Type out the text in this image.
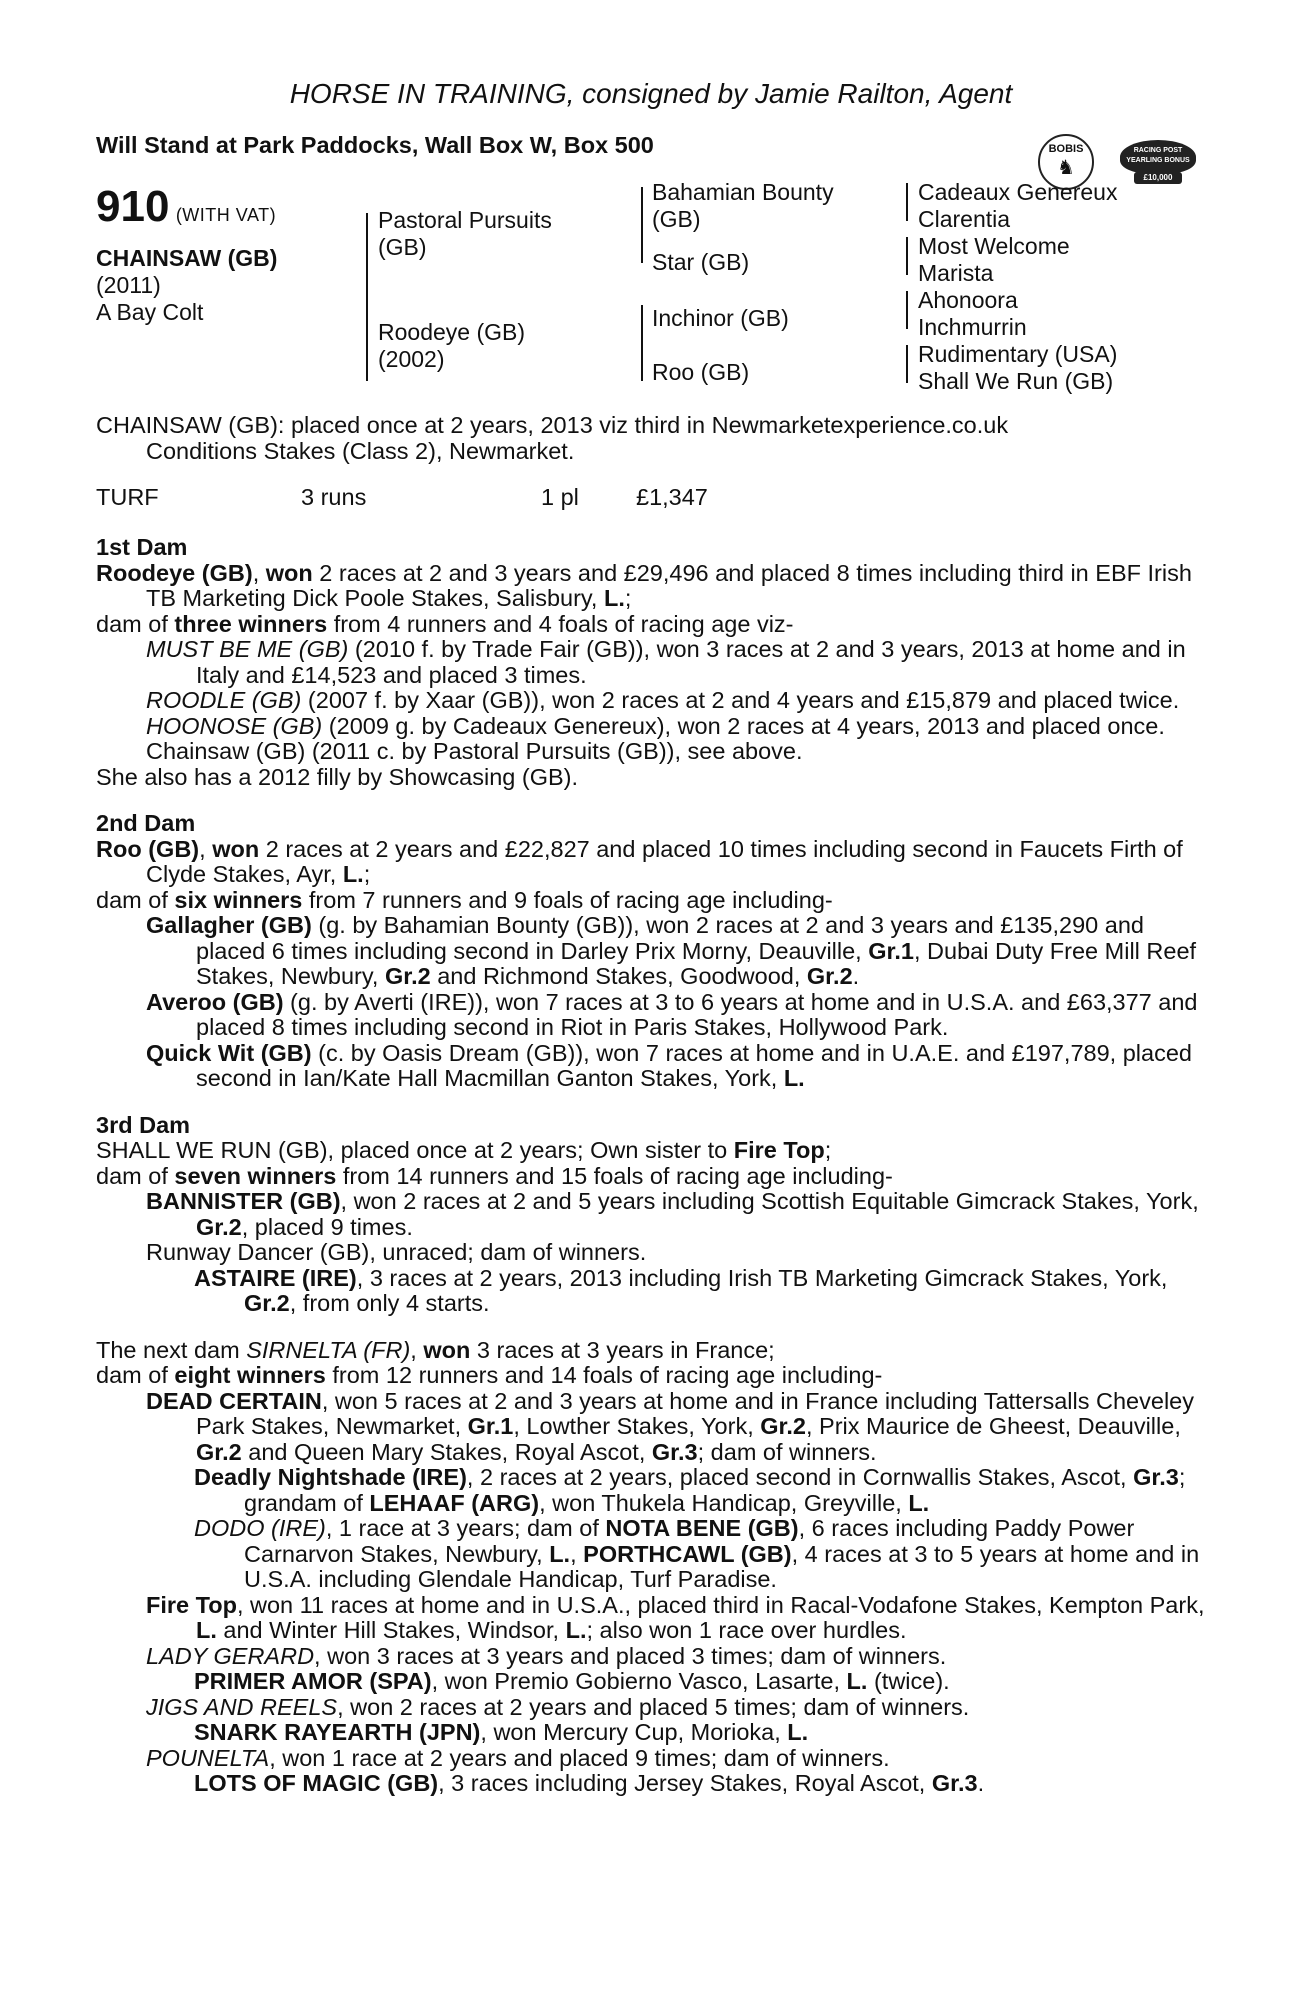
HORSE IN TRAINING, consigned by Jamie Railton, Agent
Will Stand at Park Paddocks, Wall Box W, Box 500	BOBIS
♞
RACING POST YEARLING BONUS
£10,000
910 (WITH VAT)
CHAINSAW (GB)
(2011)
A Bay Colt
Pastoral Pursuits
(GB)
Roodeye (GB)
(2002)
Bahamian Bounty
(GB)
Star (GB)
Inchinor (GB)
Roo (GB)
Cadeaux Genereux
Clarentia
Most Welcome
Marista
Ahonoora
Inchmurrin
Rudimentary (USA)
Shall We Run (GB)
CHAINSAW (GB): placed once at 2 years, 2013 viz third in Newmarketexperience.co.uk
Conditions Stakes (Class 2), Newmarket.
TURF	3 runs	1 pl	£1,347
1st Dam

Roodeye (GB), won 2 races at 2 and 3 years and £29,496 and placed 8 times including third in EBF Irish TB Marketing Dick Poole Stakes, Salisbury, L.;

dam of three winners from 4 runners and 4 foals of racing age viz-

MUST BE ME (GB) (2010 f. by Trade Fair (GB)), won 3 races at 2 and 3 years, 2013 at home and in Italy and £14,523 and placed 3 times.

ROODLE (GB) (2007 f. by Xaar (GB)), won 2 races at 2 and 4 years and £15,879 and placed twice.

HOONOSE (GB) (2009 g. by Cadeaux Genereux), won 2 races at 4 years, 2013 and placed once.

Chainsaw (GB) (2011 c. by Pastoral Pursuits (GB)), see above.

She also has a 2012 filly by Showcasing (GB).

2nd Dam

Roo (GB), won 2 races at 2 years and £22,827 and placed 10 times including second in Faucets Firth of Clyde Stakes, Ayr, L.;

dam of six winners from 7 runners and 9 foals of racing age including-

Gallagher (GB) (g. by Bahamian Bounty (GB)), won 2 races at 2 and 3 years and £135,290 and placed 6 times including second in Darley Prix Morny, Deauville, Gr.1, Dubai Duty Free Mill Reef Stakes, Newbury, Gr.2 and Richmond Stakes, Goodwood, Gr.2.

Averoo (GB) (g. by Averti (IRE)), won 7 races at 3 to 6 years at home and in U.S.A. and £63,377 and placed 8 times including second in Riot in Paris Stakes, Hollywood Park.

Quick Wit (GB) (c. by Oasis Dream (GB)), won 7 races at home and in U.A.E. and £197,789, placed second in Ian/Kate Hall Macmillan Ganton Stakes, York, L.

3rd Dam

SHALL WE RUN (GB), placed once at 2 years; Own sister to Fire Top;

dam of seven winners from 14 runners and 15 foals of racing age including-

BANNISTER (GB), won 2 races at 2 and 5 years including Scottish Equitable Gimcrack Stakes, York, Gr.2, placed 9 times.

Runway Dancer (GB), unraced; dam of winners.

ASTAIRE (IRE), 3 races at 2 years, 2013 including Irish TB Marketing Gimcrack Stakes, York, Gr.2, from only 4 starts.

The next dam SIRNELTA (FR), won 3 races at 3 years in France;

dam of eight winners from 12 runners and 14 foals of racing age including-

DEAD CERTAIN, won 5 races at 2 and 3 years at home and in France including Tattersalls Cheveley Park Stakes, Newmarket, Gr.1, Lowther Stakes, York, Gr.2, Prix Maurice de Gheest, Deauville, Gr.2 and Queen Mary Stakes, Royal Ascot, Gr.3; dam of winners.

Deadly Nightshade (IRE), 2 races at 2 years, placed second in Cornwallis Stakes, Ascot, Gr.3; grandam of LEHAAF (ARG), won Thukela Handicap, Greyville, L.

DODO (IRE), 1 race at 3 years; dam of NOTA BENE (GB), 6 races including Paddy Power Carnarvon Stakes, Newbury, L., PORTHCAWL (GB), 4 races at 3 to 5 years at home and in U.S.A. including Glendale Handicap, Turf Paradise.

Fire Top, won 11 races at home and in U.S.A., placed third in Racal-Vodafone Stakes, Kempton Park, L. and Winter Hill Stakes, Windsor, L.; also won 1 race over hurdles.

LADY GERARD, won 3 races at 3 years and placed 3 times; dam of winners.

PRIMER AMOR (SPA), won Premio Gobierno Vasco, Lasarte, L. (twice).

JIGS AND REELS, won 2 races at 2 years and placed 5 times; dam of winners.

SNARK RAYEARTH (JPN), won Mercury Cup, Morioka, L.

POUNELTA, won 1 race at 2 years and placed 9 times; dam of winners.

LOTS OF MAGIC (GB), 3 races including Jersey Stakes, Royal Ascot, Gr.3.
